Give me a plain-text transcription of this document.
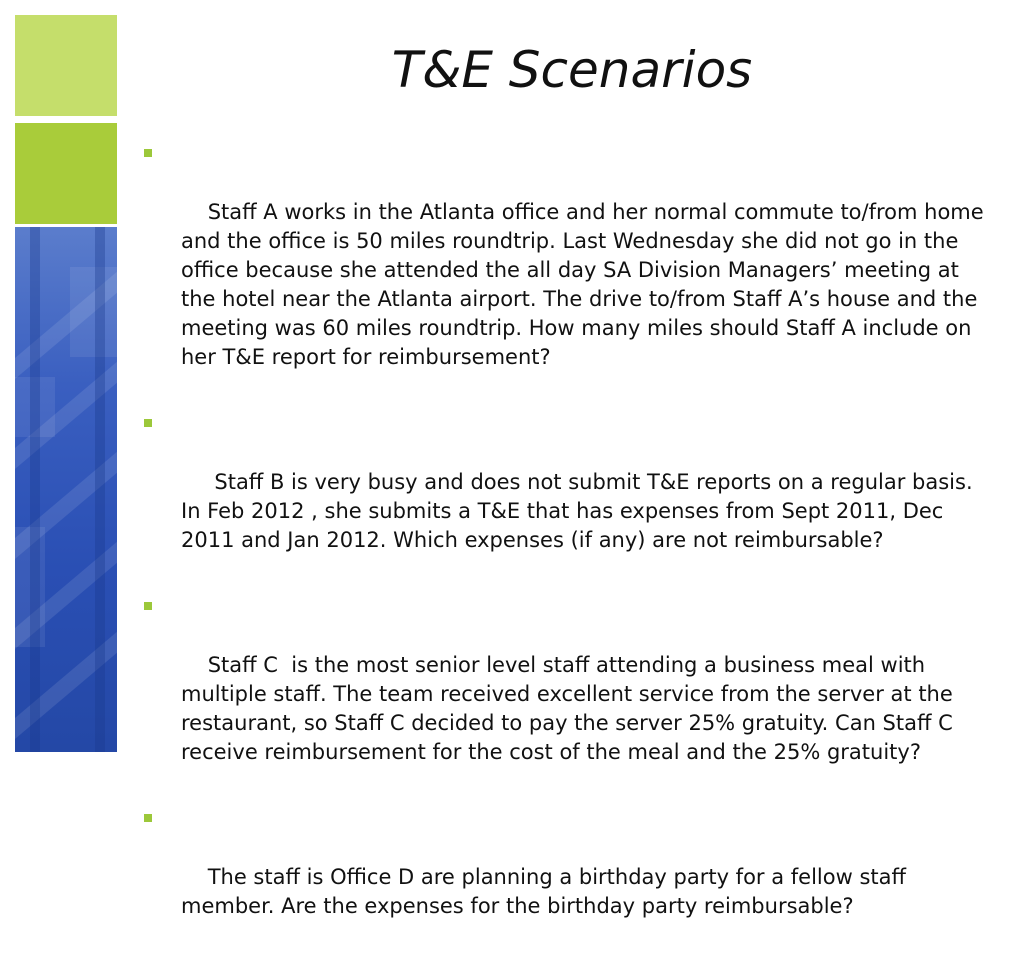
T&E Scenarios

Staff A works in the Atlanta office and her normal commute to/from home and the office is 50 miles roundtrip. Last Wednesday she did not go in the office because she attended the all day SA Division Managers’ meeting at the hotel near the Atlanta airport. The drive to/from Staff A’s house and the meeting was 60 miles roundtrip. How many miles should Staff A include on her T&E report for reimbursement?

Staff B is very busy and does not submit T&E reports on a regular basis. In Feb 2012 , she submits a T&E that has expenses from Sept 2011, Dec 2011 and Jan 2012. Which expenses (if any) are not reimbursable?

Staff C  is the most senior level staff attending a business meal with multiple staff. The team received excellent service from the server at the restaurant, so Staff C decided to pay the server 25% gratuity. Can Staff C receive reimbursement for the cost of the meal and the 25% gratuity?

The staff is Office D are planning a birthday party for a fellow staff member. Are the expenses for the birthday party reimbursable?
